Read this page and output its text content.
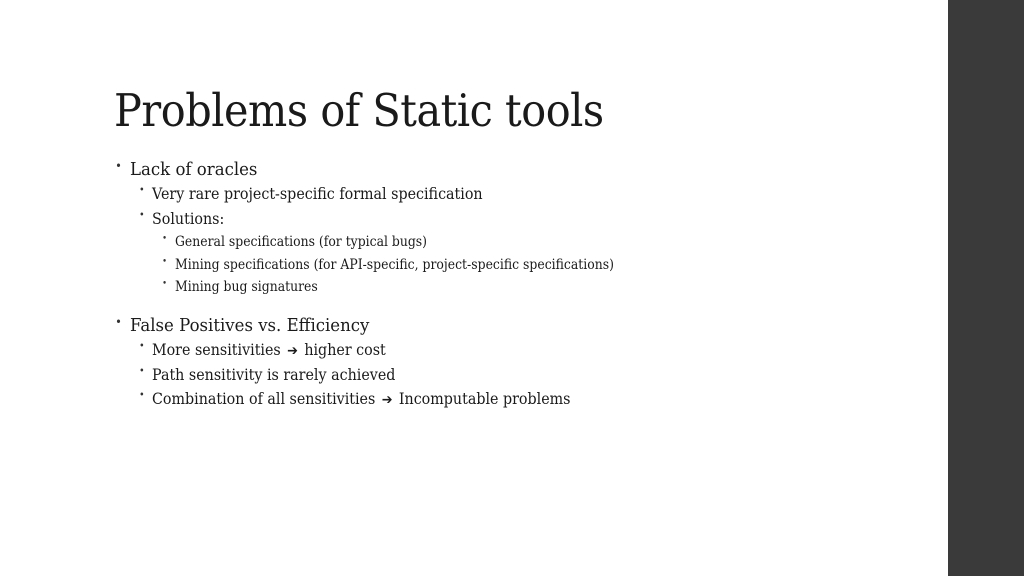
Problems of Static tools
• Lack of oracles
• Very rare project-specific formal specification
• Solutions:
• General specifications (for typical bugs)
• Mining specifications (for API-specific, project-specific specifications)
• Mining bug signatures
• False Positives vs. Efficiency
• More sensitivities ➔ higher cost
• Path sensitivity is rarely achieved
• Combination of all sensitivities ➔ Incomputable problems
